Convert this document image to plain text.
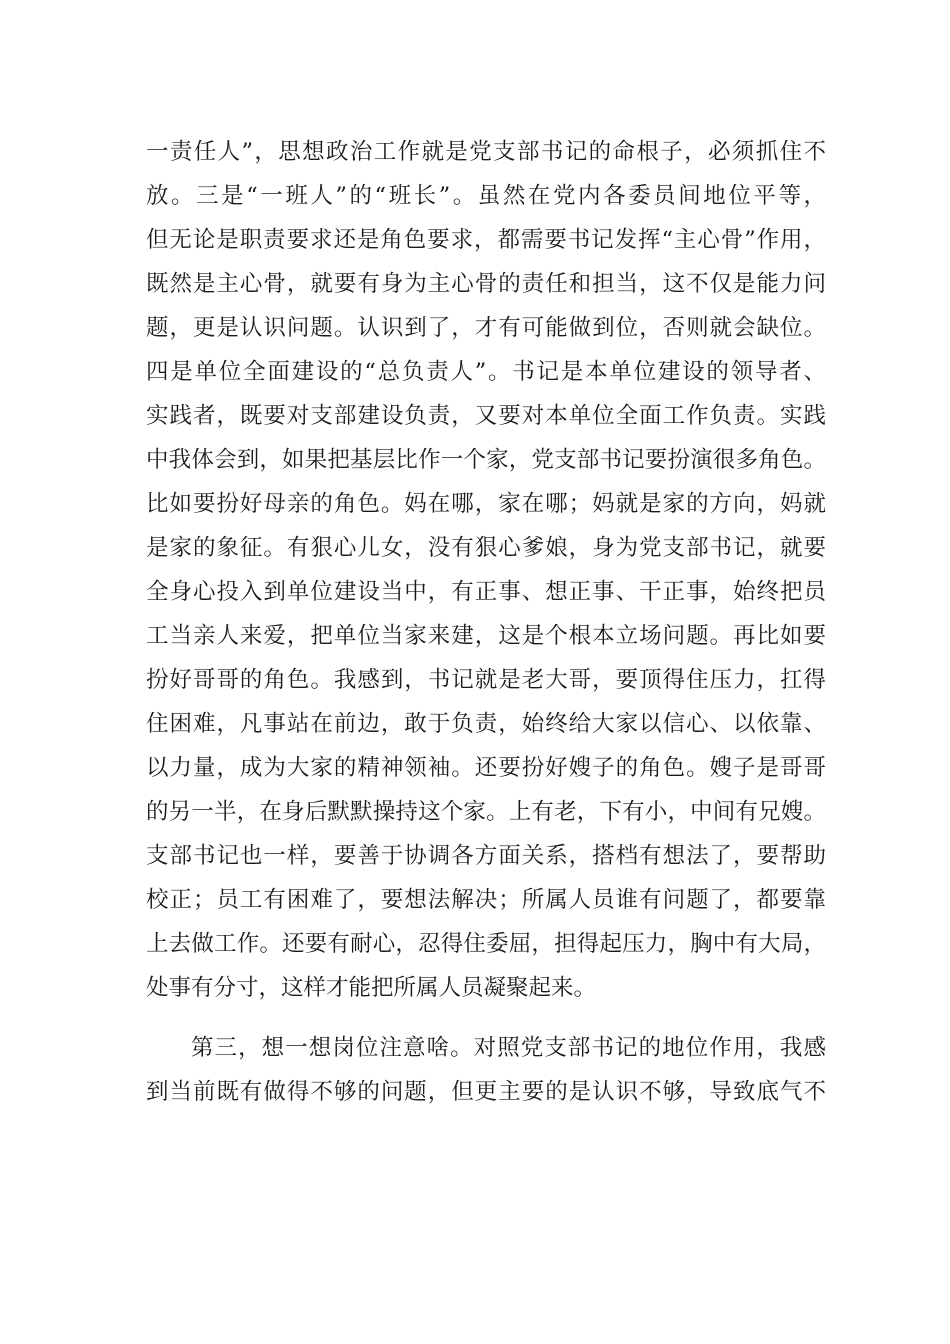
一责任人”，思想政治工作就是党支部书记的命根子，必须抓住不
放。三是“一班人”的“班长”。虽然在党内各委员间地位平等，
但无论是职责要求还是角色要求，都需要书记发挥“主心骨”作用，
既然是主心骨，就要有身为主心骨的责任和担当，这不仅是能力问
题，更是认识问题。认识到了，才有可能做到位，否则就会缺位。
四是单位全面建设的“总负责人”。书记是本单位建设的领导者、
实践者，既要对支部建设负责，又要对本单位全面工作负责。实践
中我体会到，如果把基层比作一个家，党支部书记要扮演很多角色。
比如要扮好母亲的角色。妈在哪，家在哪；妈就是家的方向，妈就
是家的象征。有狠心儿女，没有狠心爹娘，身为党支部书记，就要
全身心投入到单位建设当中，有正事、想正事、干正事，始终把员
工当亲人来爱，把单位当家来建，这是个根本立场问题。再比如要
扮好哥哥的角色。我感到，书记就是老大哥，要顶得住压力，扛得
住困难，凡事站在前边，敢于负责，始终给大家以信心、以依靠、
以力量，成为大家的精神领袖。还要扮好嫂子的角色。嫂子是哥哥
的另一半，在身后默默操持这个家。上有老，下有小，中间有兄嫂。
支部书记也一样，要善于协调各方面关系，搭档有想法了，要帮助
校正；员工有困难了，要想法解决；所属人员谁有问题了，都要靠
上去做工作。还要有耐心，忍得住委屈，担得起压力，胸中有大局，
处事有分寸，这样才能把所属人员凝聚起来。
第三，想一想岗位注意啥。对照党支部书记的地位作用，我感
到当前既有做得不够的问题，但更主要的是认识不够，导致底气不
